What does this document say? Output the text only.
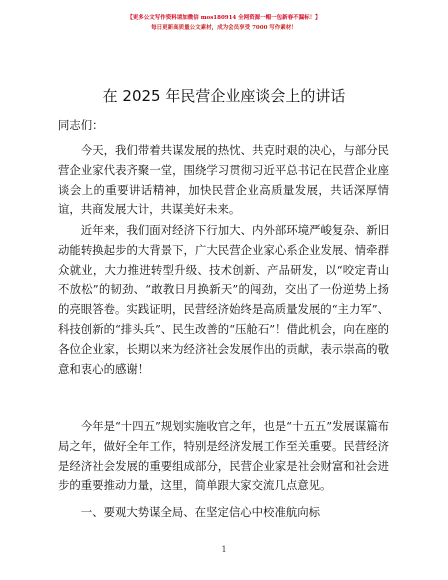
【更多公文写作资料请加微信 mos180914 全网资源一帽一包新春不漏标！】
每日更新高质量公文素材，成为会员享受 7000 写作素材！
在 2025 年民营企业座谈会上的讲话
同志们：

今天，我们带着共谋发展的热忱、共克时艰的决心，与部分民营企业家代表齐聚一堂，围绕学习贯彻习近平总书记在民营企业座谈会上的重要讲话精神，加快民营企业高质量发展，共话深厚情谊，共商发展大计，共谋美好未来。

近年来，我们面对经济下行加大、内外部环境严峻复杂、新旧动能转换起步的大背景下，广大民营企业家心系企业发展、情牵群众就业，大力推进转型升级、技术创新、产品研发，以“咬定青山不放松”的韧劲、“敢教日月换新天”的闯劲，交出了一份逆势上扬的亮眼答卷。实践证明，民营经济始终是高质量发展的“主力军”、科技创新的“排头兵”、民生改善的“压舱石”！借此机会，向在座的各位企业家，长期以来为经济社会发展作出的贡献，表示崇高的敬意和衷心的感谢！

今年是“十四五”规划实施收官之年，也是“十五五”发展谋篇布局之年，做好全年工作，特别是经济发展工作至关重要。民营经济是经济社会发展的重要组成部分，民营企业家是社会财富和社会进步的重要推动力量，这里，简单跟大家交流几点意见。

一、要观大势谋全局、在坚定信心中校准航向标
1
